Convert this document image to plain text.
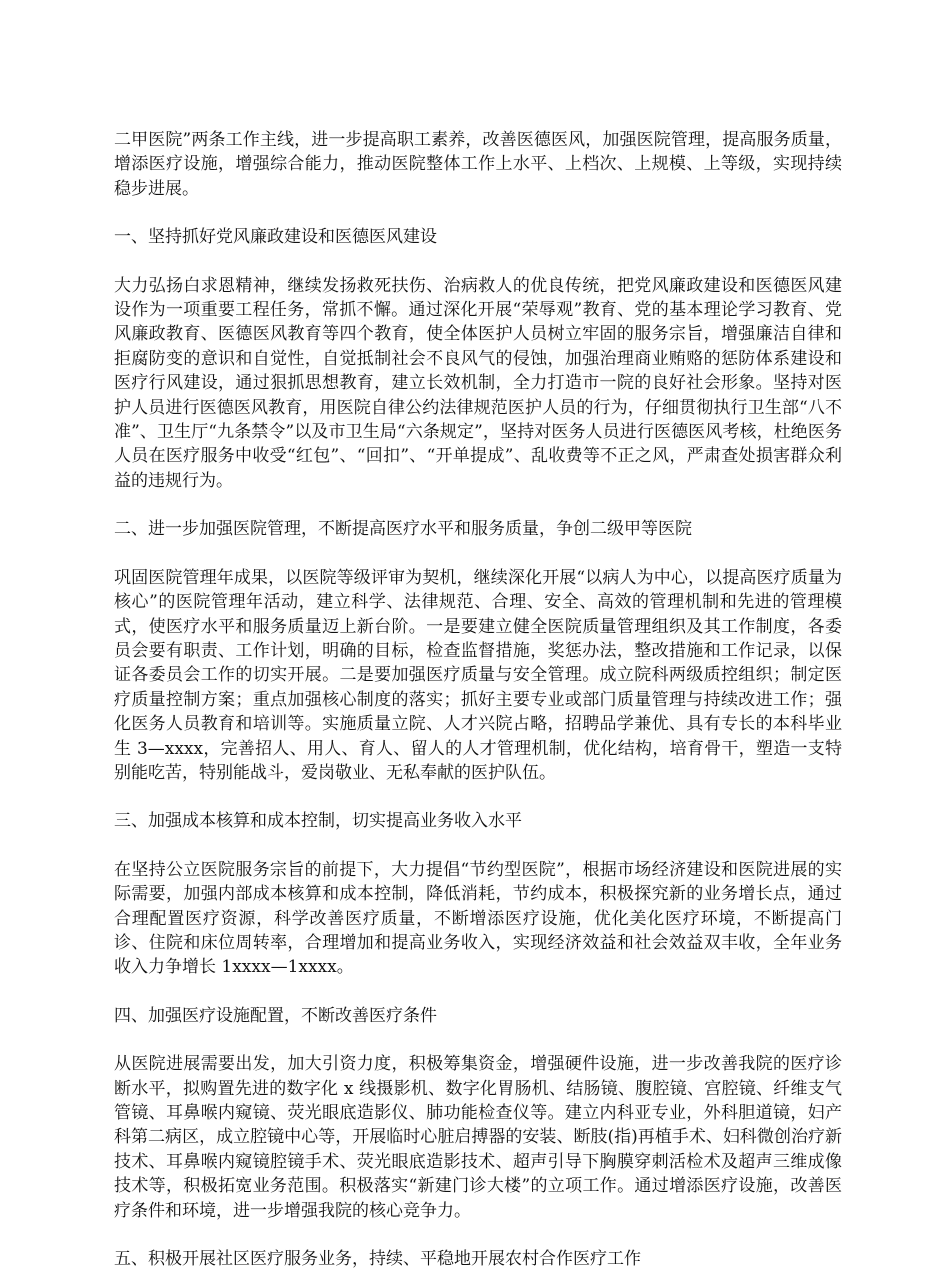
二甲医院”两条工作主线，进一步提高职工素养，改善医德医风，加强医院管理，提高服务质量，增添医疗设施，增强综合能力，推动医院整体工作上水平、上档次、上规模、上等级，实现持续稳步进展。

一、坚持抓好党风廉政建设和医德医风建设

大力弘扬白求恩精神，继续发扬救死扶伤、治病救人的优良传统，把党风廉政建设和医德医风建设作为一项重要工程任务，常抓不懈。通过深化开展“荣辱观”教育、党的基本理论学习教育、党风廉政教育、医德医风教育等四个教育，使全体医护人员树立牢固的服务宗旨，增强廉洁自律和拒腐防变的意识和自觉性，自觉抵制社会不良风气的侵蚀，加强治理商业贿赂的惩防体系建设和医疗行风建设，通过狠抓思想教育，建立长效机制，全力打造市一院的良好社会形象。坚持对医护人员进行医德医风教育，用医院自律公约法律规范医护人员的行为，仔细贯彻执行卫生部“八不准”、卫生厅“九条禁令”以及市卫生局“六条规定”，坚持对医务人员进行医德医风考核，杜绝医务人员在医疗服务中收受“红包”、“回扣”、“开单提成”、乱收费等不正之风，严肃查处损害群众利益的违规行为。

二、进一步加强医院管理，不断提高医疗水平和服务质量，争创二级甲等医院

巩固医院管理年成果，以医院等级评审为契机，继续深化开展“以病人为中心，以提高医疗质量为核心”的医院管理年活动，建立科学、法律规范、合理、安全、高效的管理机制和先进的管理模式，使医疗水平和服务质量迈上新台阶。一是要建立健全医院质量管理组织及其工作制度，各委员会要有职责、工作计划，明确的目标，检查监督措施，奖惩办法，整改措施和工作记录，以保证各委员会工作的切实开展。二是要加强医疗质量与安全管理。成立院科两级质控组织；制定医疗质量控制方案；重点加强核心制度的落实；抓好主要专业或部门质量管理与持续改进工作；强化医务人员教育和培训等。实施质量立院、人才兴院占略，招聘品学兼优、具有专长的本科毕业生 3—xxxx，完善招人、用人、育人、留人的人才管理机制，优化结构，培育骨干，塑造一支特别能吃苦，特别能战斗，爱岗敬业、无私奉献的医护队伍。

三、加强成本核算和成本控制，切实提高业务收入水平

在坚持公立医院服务宗旨的前提下，大力提倡“节约型医院”，根据市场经济建设和医院进展的实际需要，加强内部成本核算和成本控制，降低消耗，节约成本，积极探究新的业务增长点，通过合理配置医疗资源，科学改善医疗质量，不断增添医疗设施，优化美化医疗环境，不断提高门诊、住院和床位周转率，合理增加和提高业务收入，实现经济效益和社会效益双丰收，全年业务收入力争增长 1xxxx—1xxxx。

四、加强医疗设施配置，不断改善医疗条件

从医院进展需要出发，加大引资力度，积极筹集资金，增强硬件设施，进一步改善我院的医疗诊断水平，拟购置先进的数字化 x 线摄影机、数字化胃肠机、结肠镜、腹腔镜、宫腔镜、纤维支气管镜、耳鼻喉内窥镜、荧光眼底造影仪、肺功能检查仪等。建立内科亚专业，外科胆道镜，妇产科第二病区，成立腔镜中心等，开展临时心脏启搏器的安装、断肢(指)再植手术、妇科微创治疗新技术、耳鼻喉内窥镜腔镜手术、荧光眼底造影技术、超声引导下胸膜穿刺活检术及超声三维成像技术等，积极拓宽业务范围。积极落实“新建门诊大楼”的立项工作。通过增添医疗设施，改善医疗条件和环境，进一步增强我院的核心竞争力。

五、积极开展社区医疗服务业务，持续、平稳地开展农村合作医疗工作
